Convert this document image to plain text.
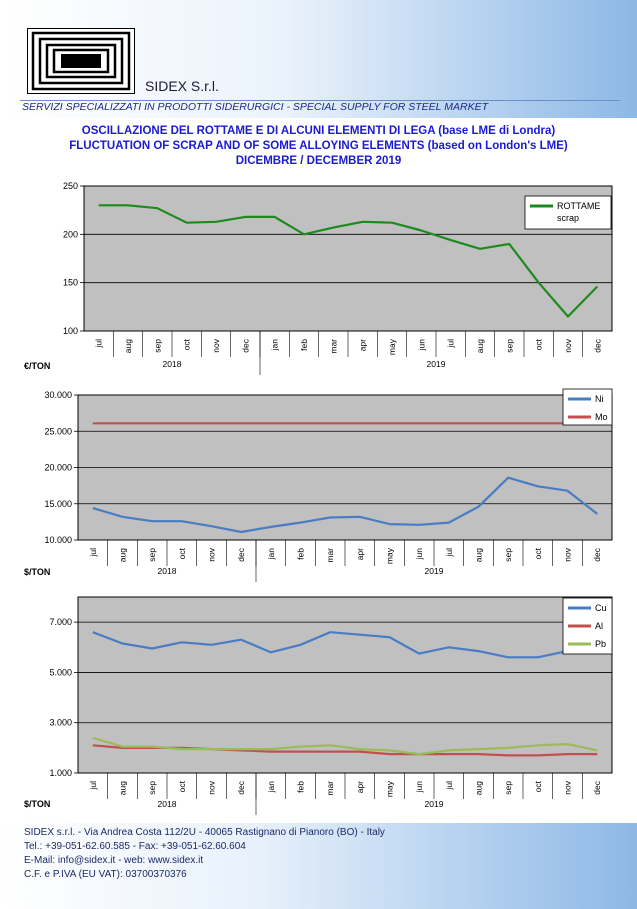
SIDEX S.r.l.
SERVIZI SPECIALIZZATI IN PRODOTTI SIDERURGICI - SPECIAL SUPPLY FOR STEEL MARKET
OSCILLAZIONE DEL ROTTAME E DI ALCUNI ELEMENTI DI LEGA (base LME di Londra)
FLUCTUATION OF SCRAP AND OF SOME ALLOYING ELEMENTS (based on London's LME)
DICEMBRE / DECEMBER 2019
100
150
200
250
jul aug sep oct nov dec jan feb mar apr may jun jul aug sep oct nov dec
2018	2019
€/TON
ROTTAME
scrap
10.000
15.000
20.000
25.000
30.000
jul aug sep oct nov dec jan feb mar apr may jun jul aug sep oct nov dec
2018	2019
$/TON
Ni
Mo
1.000
3.000
5.000
7.000
jul aug sep oct nov dec jan feb mar apr may jun jul aug sep oct nov dec
2018	2019
$/TON
Cu
Al
Pb
SIDEX s.r.l. - Via Andrea Costa 112/2U - 40065 Rastignano di Pianoro (BO) - Italy
Tel.: +39-051-62.60.585 - Fax: +39-051-62.60.604
E-Mail: info@sidex.it - web: www.sidex.it
C.F. e P.IVA (EU VAT): 03700370376
